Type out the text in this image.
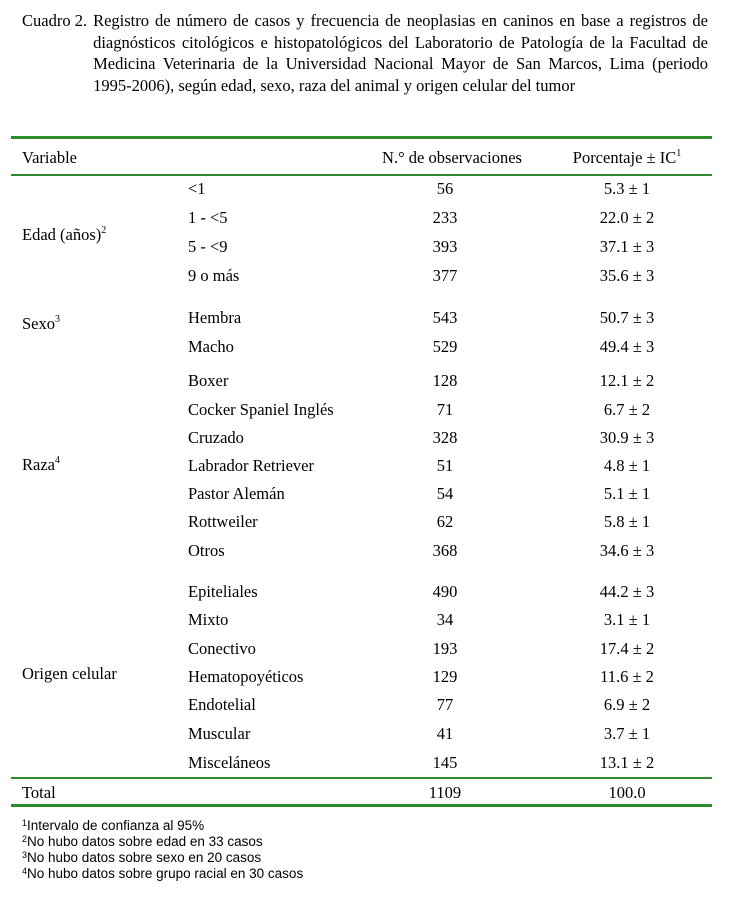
Cuadro 2. Registro de número de casos y frecuencia de neoplasias en caninos en base a registros de diagnósticos citológicos e histopatológicos del Laboratorio de Patología de la Facultad de Medicina Veterinaria de la Universidad Nacional Mayor de San Marcos, Lima (periodo 1995-2006), según edad, sexo, raza del animal y origen celular del tumor
Variable	N.° de observaciones	Porcentaje ± $IC^1$
Edad (años)$^2$
<1	56	5.3 ± 1
1 - <5	233	22.0 ± 2
5 - <9	393	37.1 ± 3
9 o más	377	35.6 ± 3
Sexo$^3$	Hembra	543	50.7 ± 3
Macho	529	49.4 ± 3
Raza$^4$
Boxer	128	12.1 ± 2
Cocker Spaniel Inglés	71	6.7 ± 2
Cruzado	328	30.9 ± 3
Labrador Retriever	51	4.8 ± 1
Pastor Alemán	54	5.1 ± 1
Rottweiler	62	5.8 ± 1
Otros	368	34.6 ± 3
Origen celular
Epiteliales	490	44.2 ± 3
Mixto	34	3.1 ± 1
Conectivo	193	17.4 ± 2
Hematopoyéticos	129	11.6 ± 2
Endotelial	77	6.9 ± 2
Muscular	41	3.7 ± 1
Misceláneos	145	13.1 ± 2
Total	1109	100.0
$^1$Intervalo de confianza al 95%
$^2$No hubo datos sobre edad en 33 casos
$^3$No hubo datos sobre sexo en 20 casos
$^4$No hubo datos sobre grupo racial en 30 casos
